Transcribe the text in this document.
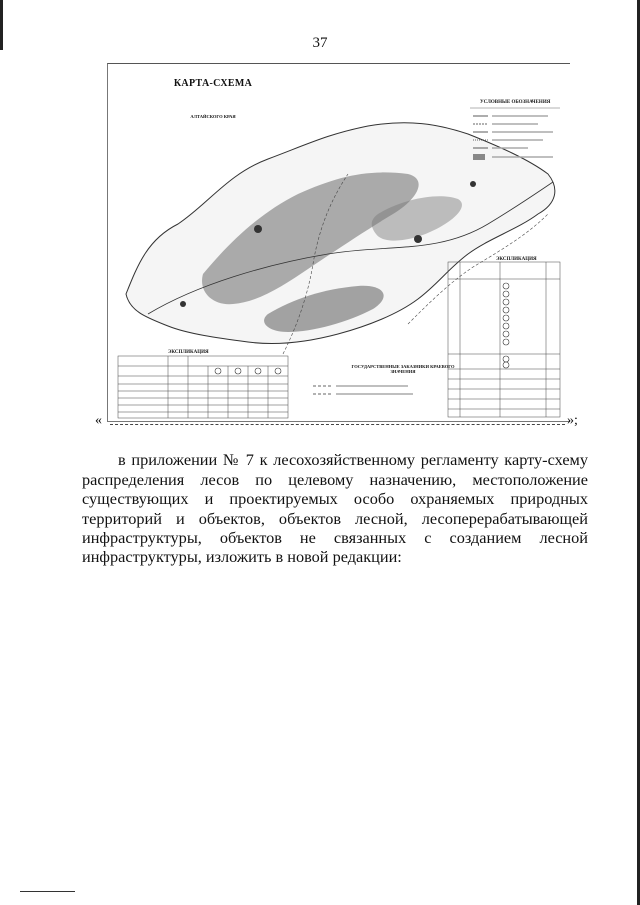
37
КАРТА-СХЕМА
АЛТАЙСКОГО КРАЯ
УСЛОВНЫЕ ОБОЗНАЧЕНИЯ
ЭКСПЛИКАЦИЯ
ЭКСПЛИКАЦИЯ
ГОСУДАРСТВЕННЫЕ ЗАКАЗНИКИ КРАЕВОГО ЗНАЧЕНИЯ
«	»;

в приложении № 7 к лесохозяйственному регламенту карту-схему распределения лесов по целевому назначению, местоположение существующих и проектируемых особо охраняемых природных территорий и объектов, объектов лесной, лесоперерабатывающей инфраструктуры, объектов не связанных с созданием лесной инфраструктуры, изложить в новой редакции:
